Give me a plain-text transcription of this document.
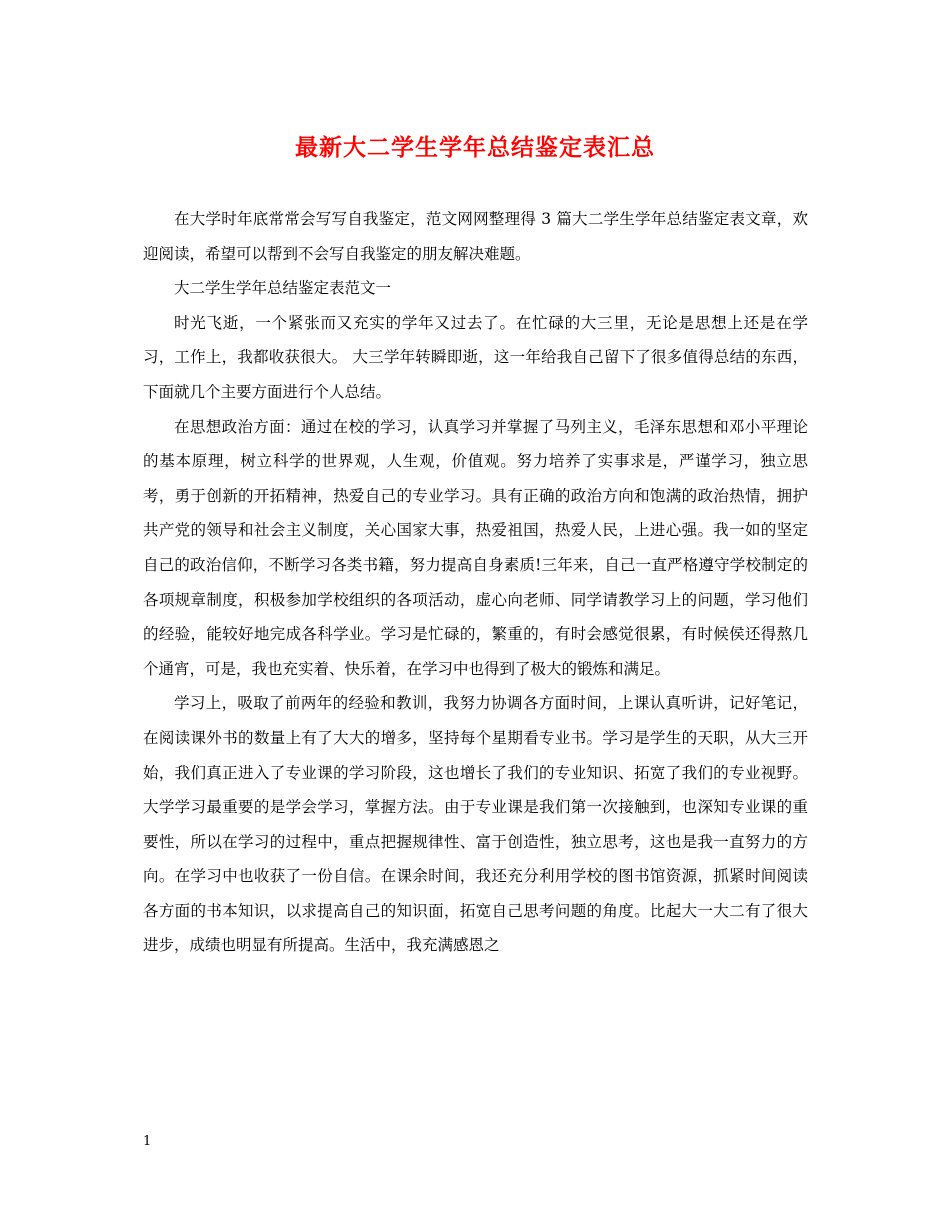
最新大二学生学年总结鉴定表汇总

在大学时年底常常会写写自我鉴定，范文网网整理得 3 篇大二学生学年总结鉴定表文章，欢迎阅读，希望可以帮到不会写自我鉴定的朋友解决难题。

大二学生学年总结鉴定表范文一

时光飞逝，一个紧张而又充实的学年又过去了。在忙碌的大三里，无论是思想上还是在学习，工作上，我都收获很大。 大三学年转瞬即逝，这一年给我自己留下了很多值得总结的东西，下面就几个主要方面进行个人总结。

在思想政治方面：通过在校的学习，认真学习并掌握了马列主义，毛泽东思想和邓小平理论的基本原理，树立科学的世界观，人生观，价值观。努力培养了实事求是，严谨学习，独立思考，勇于创新的开拓精神，热爱自己的专业学习。具有正确的政治方向和饱满的政治热情，拥护共产党的领导和社会主义制度，关心国家大事，热爱祖国，热爱人民，上进心强。我一如的坚定自己的政治信仰，不断学习各类书籍，努力提高自身素质!三年来，自己一直严格遵守学校制定的各项规章制度，积极参加学校组织的各项活动，虚心向老师、同学请教学习上的问题，学习他们的经验，能较好地完成各科学业。学习是忙碌的，繁重的，有时会感觉很累，有时候侯还得熬几个通宵，可是，我也充实着、快乐着，在学习中也得到了极大的锻炼和满足。

学习上，吸取了前两年的经验和教训，我努力协调各方面时间，上课认真听讲，记好笔记，在阅读课外书的数量上有了大大的增多，坚持每个星期看专业书。学习是学生的天职，从大三开始，我们真正进入了专业课的学习阶段，这也增长了我们的专业知识、拓宽了我们的专业视野。大学学习最重要的是学会学习，掌握方法。由于专业课是我们第一次接触到，也深知专业课的重要性，所以在学习的过程中，重点把握规律性、富于创造性，独立思考，这也是我一直努力的方向。在学习中也收获了一份自信。在课余时间，我还充分利用学校的图书馆资源，抓紧时间阅读各方面的书本知识，以求提高自己的知识面，拓宽自己思考问题的角度。比起大一大二有了很大进步，成绩也明显有所提高。生活中，我充满感恩之

1
